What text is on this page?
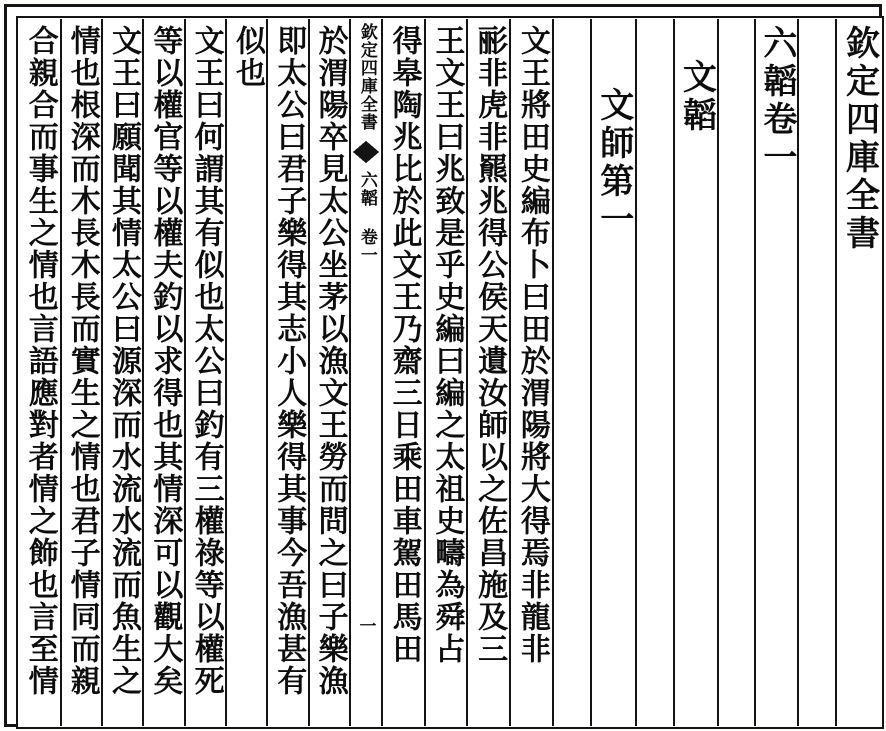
欽定四庫全書
六韜卷一
文韜
文師第一
文王將田史編布卜曰田於渭陽將大得焉非龍非
彨非虎非羆兆得公侯天遺汝師以之佐昌施及三
王文王曰兆致是乎史編曰編之太祖史疇為舜占
得皋陶兆比於此文王乃齋三日乘田車駕田馬田
欽定四庫全書
六韜 卷一
一
於渭陽卒見太公坐茅以漁文王勞而問之曰子樂漁
即太公曰君子樂得其志小人樂得其事今吾漁甚有
似也
文王曰何謂其有似也太公曰釣有三權祿等以權死
等以權官等以權夫釣以求得也其情深可以觀大矣
文王曰願聞其情太公曰源深而水流水流而魚生之
情也根深而木長木長而實生之情也君子情同而親
合親合而事生之情也言語應對者情之飾也言至情
